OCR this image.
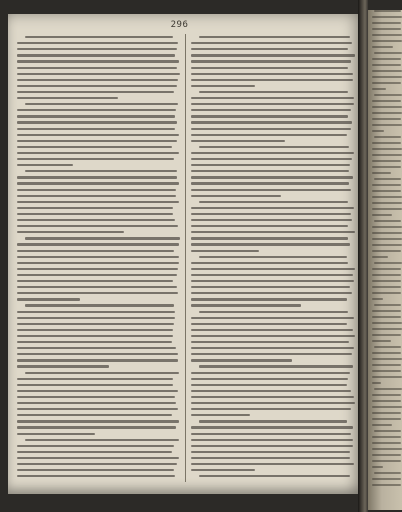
296
